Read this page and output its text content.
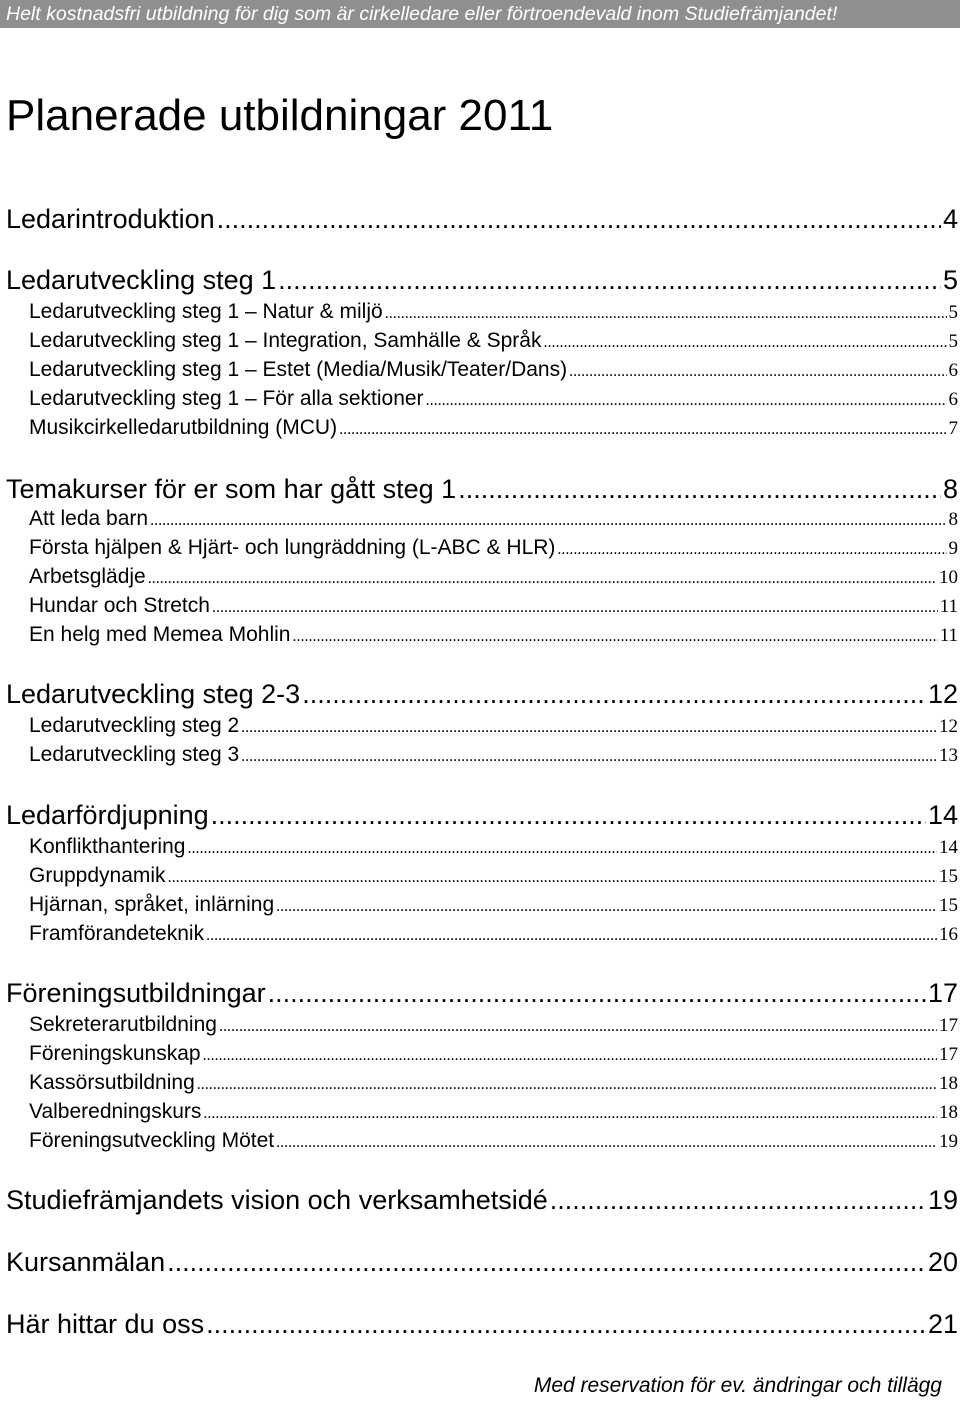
Helt kostnadsfri utbildning för dig som är cirkelledare eller förtroendevald inom Studiefrämjandet!
Planerade utbildningar 2011
Ledarintroduktion .....	4
Ledarutveckling steg 1 .....	5
Ledarutveckling steg 1 – Natur & miljö .....	5
Ledarutveckling steg 1 – Integration, Samhälle & Språk .....	5
Ledarutveckling steg 1 – Estet (Media/Musik/Teater/Dans) .....	6
Ledarutveckling steg 1 – För alla sektioner .....	6
Musikcirkelledarutbildning (MCU) .....	7
Temakurser för er som har gått steg 1 .....	8
Att leda barn .....	8
Första hjälpen & Hjärt- och lungräddning (L-ABC & HLR) .....	9
Arbetsglädje .....	10
Hundar och Stretch .....	11
En helg med Memea Mohlin .....	11
Ledarutveckling steg 2-3 .....	12
Ledarutveckling steg 2 .....	12
Ledarutveckling steg 3 .....	13
Ledarfördjupning .....	14
Konflikthantering .....	14
Gruppdynamik .....	15
Hjärnan, språket, inlärning .....	15
Framförandeteknik .....	16
Föreningsutbildningar .....	17
Sekreterarutbildning .....	17
Föreningskunskap .....	17
Kassörsutbildning .....	18
Valberedningskurs .....	18
Föreningsutveckling Mötet .....	19
Studiefrämjandets vision och verksamhetsidé .....	19
Kursanmälan .....	20
Här hittar du oss .....	21
Med reservation för ev. ändringar och tillägg
